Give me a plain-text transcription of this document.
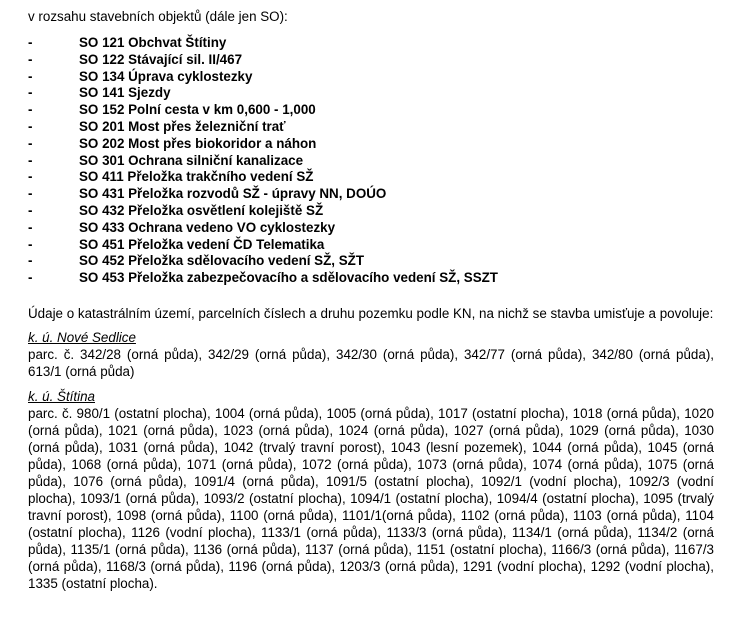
v rozsahu stavebních objektů (dále jen SO):

-	SO 121 Obchvat Štítiny
-	SO 122 Stávající sil. II/467
-	SO 134 Úprava cyklostezky
-	SO 141 Sjezdy
-	SO 152 Polní cesta v km 0,600 - 1,000
-	SO 201 Most přes železniční trať
-	SO 202 Most přes biokoridor a náhon
-	SO 301 Ochrana silniční kanalizace
-	SO 411 Přeložka trakčního vedení SŽ
-	SO 431 Přeložka rozvodů SŽ - úpravy NN, DOÚO
-	SO 432 Přeložka osvětlení kolejiště SŽ
-	SO 433 Ochrana vedeno VO cyklostezky
-	SO 451 Přeložka vedení ČD Telematika
-	SO 452 Přeložka sdělovacího vedení SŽ, SŽT
-	SO 453 Přeložka zabezpečovacího a sdělovacího vedení SŽ, SSZT

Údaje o katastrálním území, parcelních číslech a druhu pozemku podle KN, na nichž se stavba umisťuje a povoluje:

k. ú. Nové Sedlice

parc. č. 342/28 (orná půda), 342/29 (orná půda), 342/30 (orná půda), 342/77 (orná půda), 342/80 (orná půda), 613/1 (orná půda)

k. ú. Štítina

parc. č. 980/1 (ostatní plocha), 1004 (orná půda), 1005 (orná půda), 1017 (ostatní plocha), 1018 (orná půda), 1020 (orná půda), 1021 (orná půda), 1023 (orná půda), 1024 (orná půda), 1027 (orná půda), 1029 (orná půda), 1030 (orná půda), 1031 (orná půda), 1042 (trvalý travní porost), 1043 (lesní pozemek), 1044 (orná půda), 1045 (orná půda), 1068 (orná půda), 1071 (orná půda), 1072 (orná půda), 1073 (orná půda), 1074 (orná půda), 1075 (orná půda), 1076 (orná půda), 1091/4 (orná půda), 1091/5 (ostatní plocha), 1092/1 (vodní plocha), 1092/3 (vodní plocha), 1093/1 (orná půda), 1093/2 (ostatní plocha), 1094/1 (ostatní plocha), 1094/4 (ostatní plocha), 1095 (trvalý travní porost), 1098 (orná půda), 1100 (orná půda), 1101/1(orná půda), 1102 (orná půda), 1103 (orná půda), 1104 (ostatní plocha), 1126 (vodní plocha), 1133/1 (orná půda), 1133/3 (orná půda), 1134/1 (orná půda), 1134/2 (orná půda), 1135/1 (orná půda), 1136 (orná půda), 1137 (orná půda), 1151 (ostatní plocha), 1166/3 (orná půda), 1167/3 (orná půda), 1168/3 (orná půda), 1196 (orná půda), 1203/3 (orná půda), 1291 (vodní plocha), 1292 (vodní plocha), 1335 (ostatní plocha).
